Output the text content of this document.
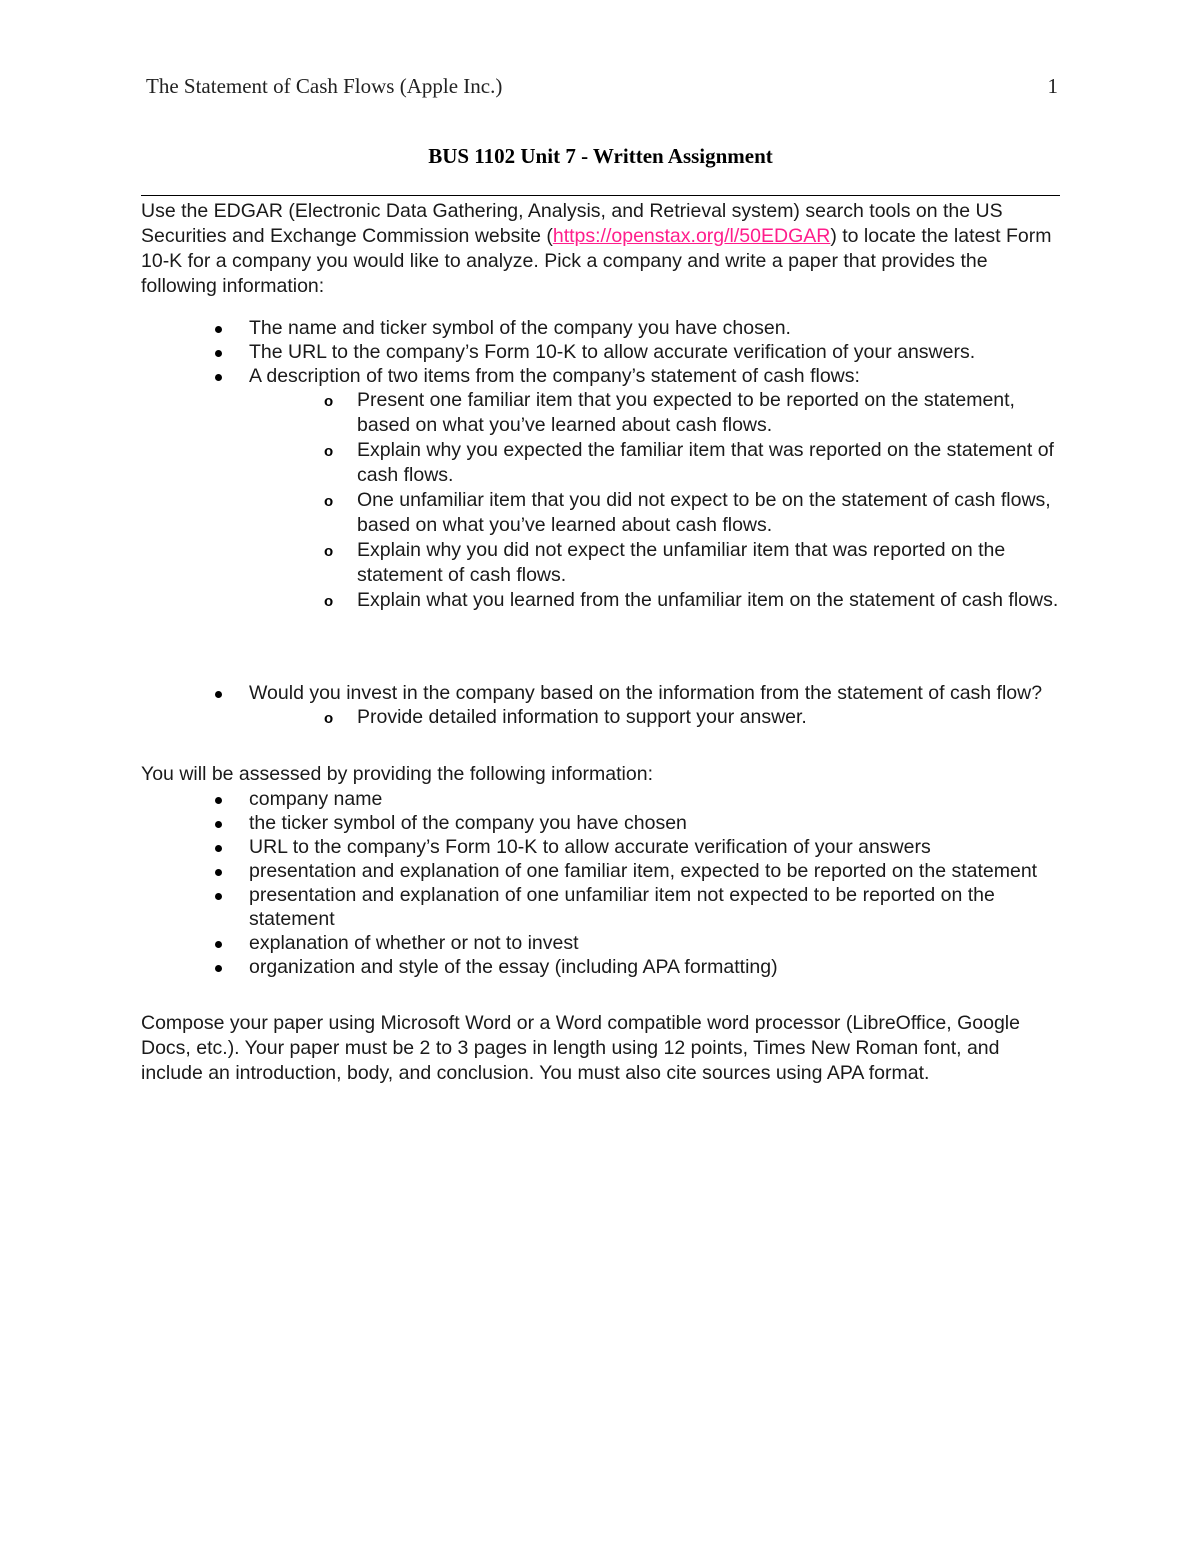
The Statement of Cash Flows (Apple Inc.)	1
BUS 1102 Unit 7 - Written Assignment

Use the EDGAR (Electronic Data Gathering, Analysis, and Retrieval system) search tools on the US Securities and Exchange Commission website (https://openstax.org/l/50EDGAR) to locate the latest Form 10-K for a company you would like to analyze. Pick a company and write a paper that provides the following information:

The name and ticker symbol of the company you have chosen.
The URL to the company’s Form 10-K to allow accurate verification of your answers.
A description of two items from the company’s statement of cash flows:
o Present one familiar item that you expected to be reported on the statement, based on what you’ve learned about cash flows.
o Explain why you expected the familiar item that was reported on the statement of cash flows.
o One unfamiliar item that you did not expect to be on the statement of cash flows, based on what you’ve learned about cash flows.
o Explain why you did not expect the unfamiliar item that was reported on the statement of cash flows.
o Explain what you learned from the unfamiliar item on the statement of cash flows.
Would you invest in the company based on the information from the statement of cash flow?
o Provide detailed information to support your answer.

You will be assessed by providing the following information:

company name
the ticker symbol of the company you have chosen
URL to the company’s Form 10-K to allow accurate verification of your answers
presentation and explanation of one familiar item, expected to be reported on the statement
presentation and explanation of one unfamiliar item not expected to be reported on the statement
explanation of whether or not to invest
organization and style of the essay (including APA formatting)

Compose your paper using Microsoft Word or a Word compatible word processor (LibreOffice, Google Docs, etc.). Your paper must be 2 to 3 pages in length using 12 points, Times New Roman font, and include an introduction, body, and conclusion. You must also cite sources using APA format.
